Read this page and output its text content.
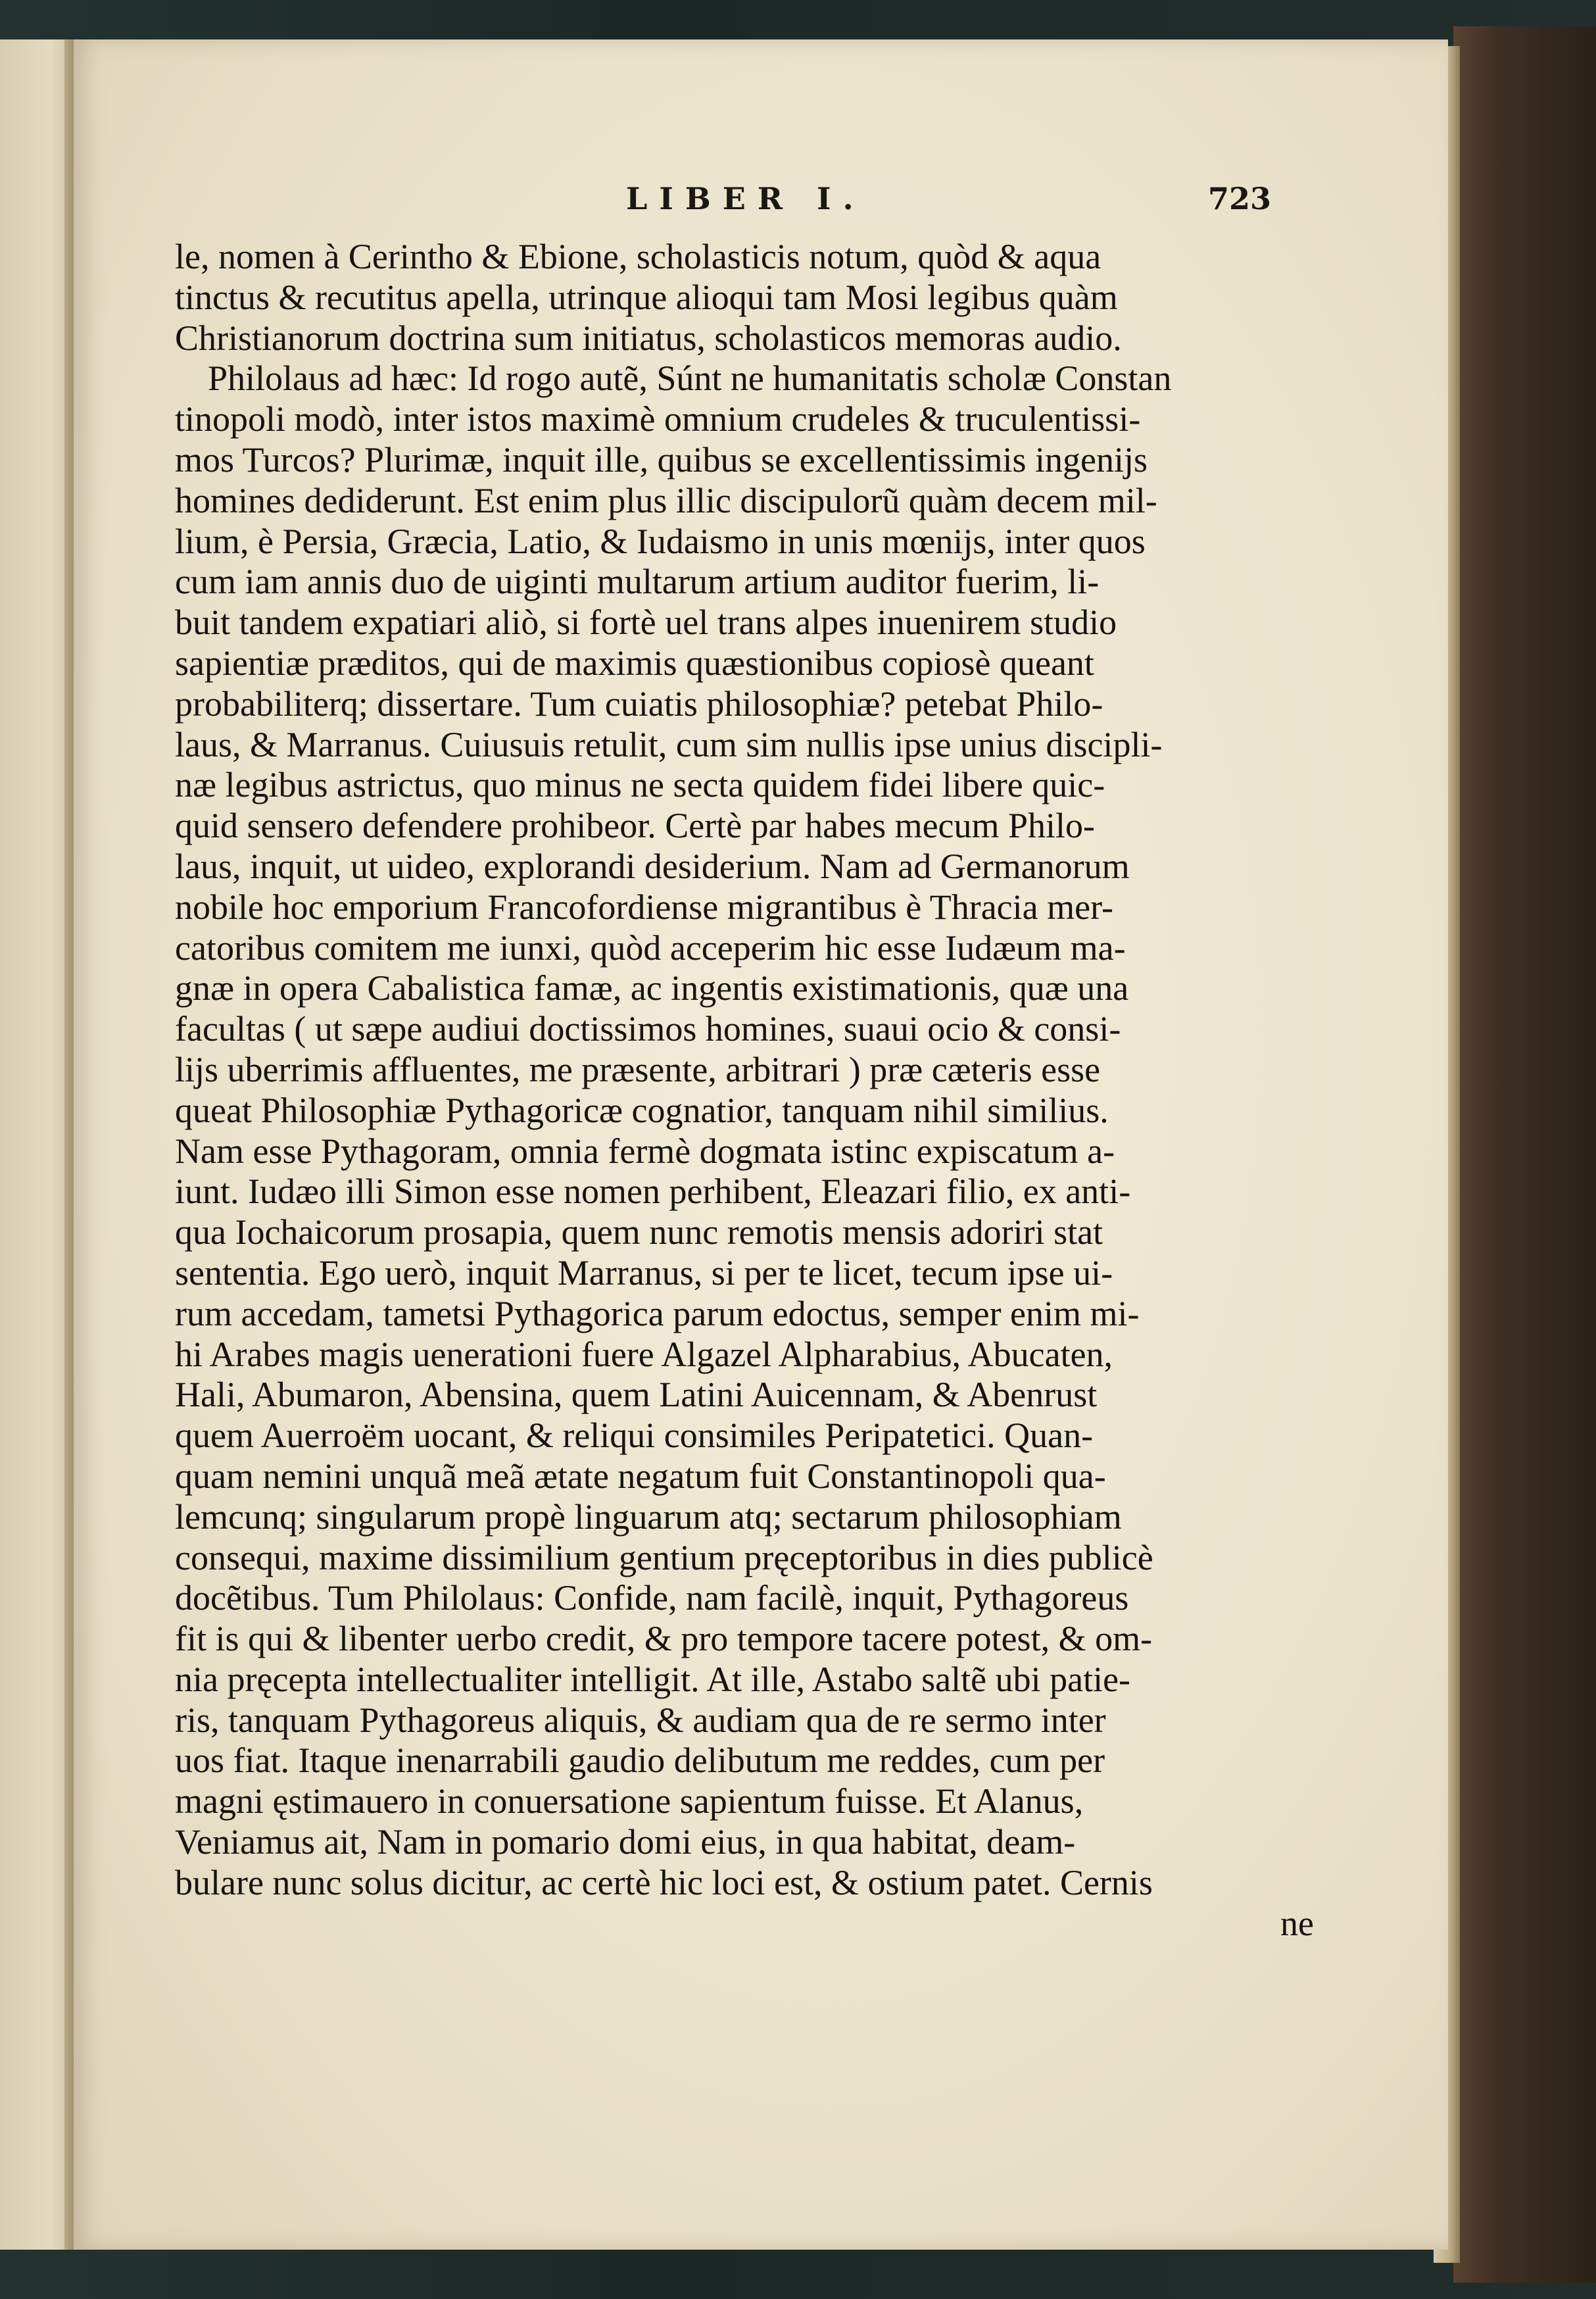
LIBER I.	723
le, nomen à Cerintho & Ebione, scholasticis notum, quòd & aqua
tinctus & recutitus apella, utrinque alioqui tam Mosi legibus quàm
Christianorum doctrina sum initiatus, scholasticos memoras audio.
Philolaus ad hæc: Id rogo autẽ, Súnt ne humanitatis scholæ Constan
tinopoli modò, inter istos maximè omnium crudeles & truculentissi-
mos Turcos? Plurimæ, inquit ille, quibus se excellentissimis ingenijs
homines dediderunt. Est enim plus illic discipulorũ quàm decem mil-
lium, è Persia, Græcia, Latio, & Iudaismo in unis mœnijs, inter quos
cum iam annis duo de uiginti multarum artium auditor fuerim, li-
buit tandem expatiari aliò, si fortè uel trans alpes inuenirem studio
sapientiæ præditos, qui de maximis quæstionibus copiosè queant
probabiliterq; dissertare. Tum cuiatis philosophiæ? petebat Philo-
laus, & Marranus. Cuiusuis retulit, cum sim nullis ipse unius discipli-
næ legibus astrictus, quo minus ne secta quidem fidei libere quic-
quid sensero defendere prohibeor. Certè par habes mecum Philo-
laus, inquit, ut uideo, explorandi desiderium. Nam ad Germanorum
nobile hoc emporium Francofordiense migrantibus è Thracia mer-
catoribus comitem me iunxi, quòd acceperim hic esse Iudæum ma-
gnæ in opera Cabalistica famæ, ac ingentis existimationis, quæ una
facultas ( ut sæpe audiui doctissimos homines, suaui ocio & consi-
lijs uberrimis affluentes, me præsente, arbitrari ) præ cæteris esse
queat Philosophiæ Pythagoricæ cognatior, tanquam nihil similius.
Nam esse Pythagoram, omnia fermè dogmata istinc expiscatum a-
iunt. Iudæo illi Simon esse nomen perhibent, Eleazari filio, ex anti-
qua Iochaicorum prosapia, quem nunc remotis mensis adoriri stat
sententia. Ego uerò, inquit Marranus, si per te licet, tecum ipse ui-
rum accedam, tametsi Pythagorica parum edoctus, semper enim mi-
hi Arabes magis uenerationi fuere Algazel Alpharabius, Abucaten,
Hali, Abumaron, Abensina, quem Latini Auicennam, & Abenrust
quem Auerroëm uocant, & reliqui consimiles Peripatetici. Quan-
quam nemini unquã meã ætate negatum fuit Constantinopoli qua-
lemcunq; singularum propè linguarum atq; sectarum philosophiam
consequi, maxime dissimilium gentium pręceptoribus in dies publicè
docẽtibus. Tum Philolaus: Confide, nam facilè, inquit, Pythagoreus
fit is qui & libenter uerbo credit, & pro tempore tacere potest, & om-
nia pręcepta intellectualiter intelligit. At ille, Astabo saltẽ ubi patie-
ris, tanquam Pythagoreus aliquis, & audiam qua de re sermo inter
uos fiat. Itaque inenarrabili gaudio delibutum me reddes, cum per
magni ęstimauero in conuersatione sapientum fuisse. Et Alanus,
Veniamus ait, Nam in pomario domi eius, in qua habitat, deam-
bulare nunc solus dicitur, ac certè hic loci est, & ostium patet. Cernis
ne
